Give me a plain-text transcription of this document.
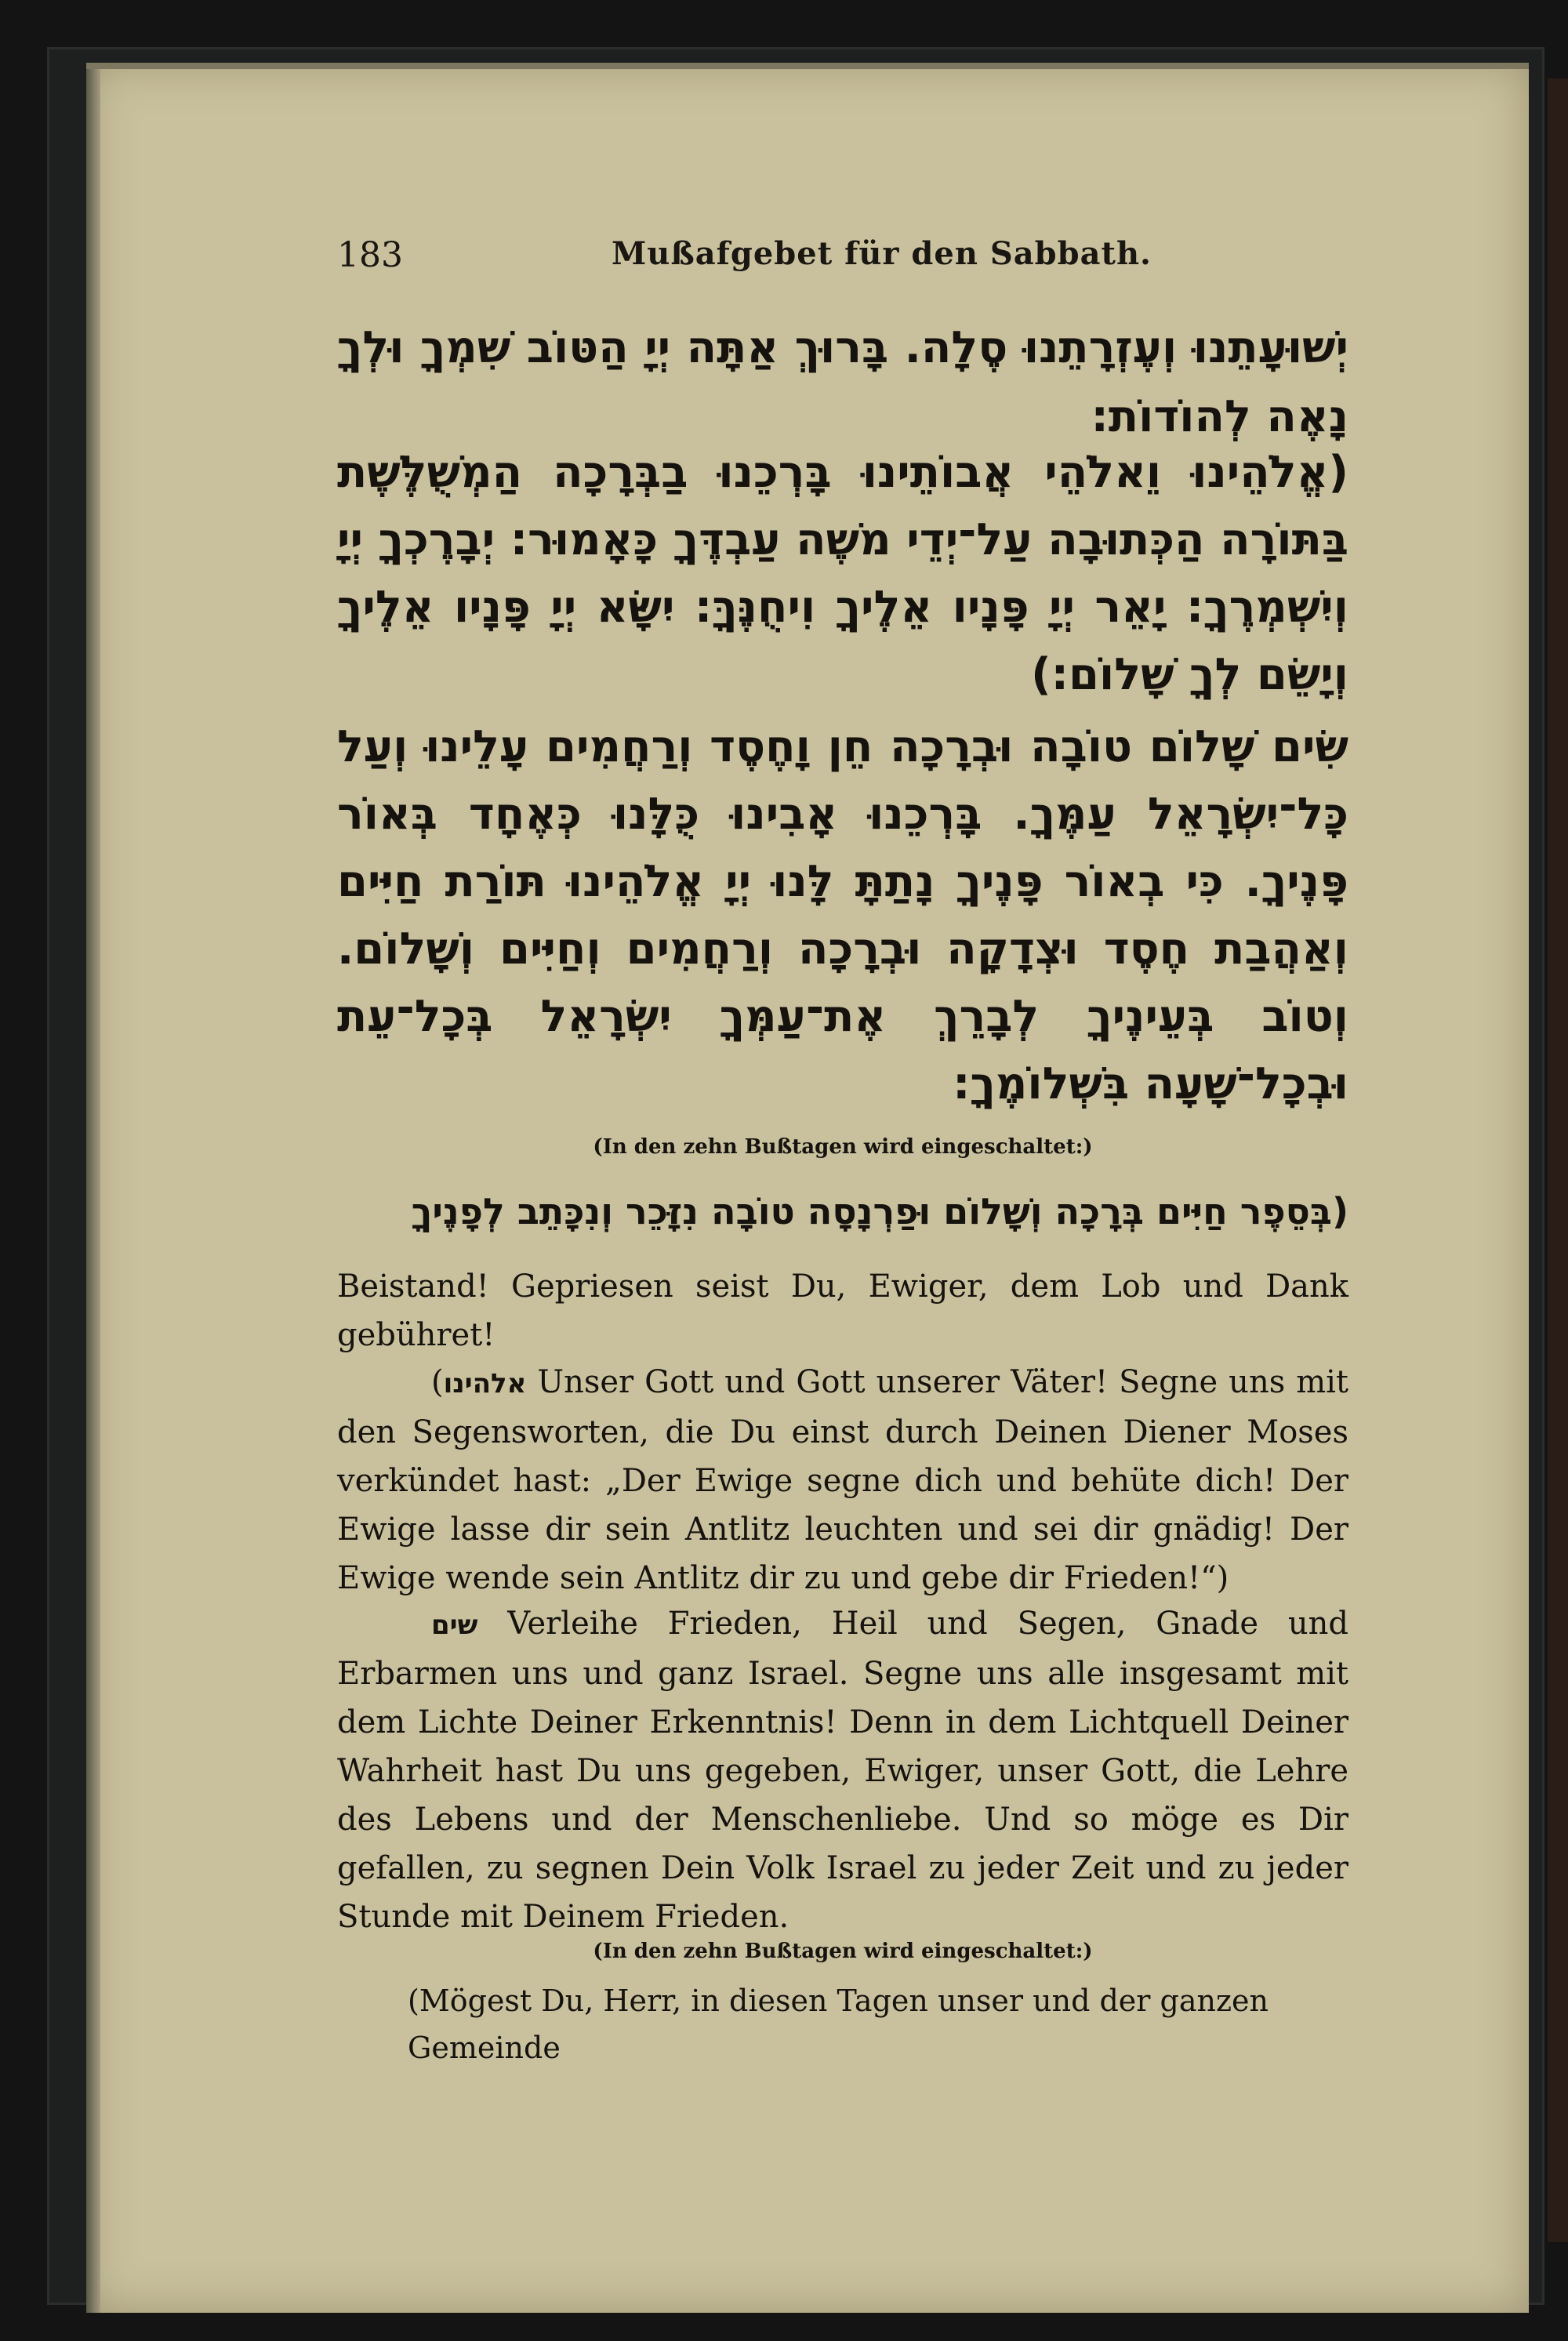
183	Mußafgebet für den Sabbath.

יְשׁוּעָתֵנוּ וְעֶזְרָתֵנוּ סֶלָה. בָּרוּךְ אַתָּה יְיָ הַטּוֹב שִׁמְךָ וּלְךָ נָאֶה לְהוֹדוֹת:

(אֱלֹהֵינוּ וֵאלֹהֵי אֲבוֹתֵינוּ בָּרְכֵנוּ בַבְּרָכָה הַמְשֻׁלֶּשֶׁת בַּתּוֹרָה הַכְּתוּבָה עַל־יְדֵי משֶׁה עַבְדֶּךָ כָּאָמוּר: יְבָרֶכְךָ יְיָ וְיִשְׁמְרֶךָ: יָאֵר יְיָ פָּנָיו אֵלֶיךָ וִיחֻנֶּךָּ: יִשָּׂא יְיָ פָּנָיו אֵלֶיךָ וְיָשֵׂם לְךָ שָׁלוֹם:)

שִׂים שָׁלוֹם טוֹבָה וּבְרָכָה חֵן וָחֶסֶד וְרַחֲמִים עָלֵינוּ וְעַל כָּל־יִשְׂרָאֵל עַמֶּךָ. בָּרְכֵנוּ אָבִינוּ כֻּלָּנוּ כְּאֶחָד בְּאוֹר פָּנֶיךָ. כִּי בְאוֹר פָּנֶיךָ נָתַתָּ לָּנוּ יְיָ אֱלֹהֵינוּ תּוֹרַת חַיִּים וְאַהֲבַת חֶסֶד וּצְדָקָה וּבְרָכָה וְרַחֲמִים וְחַיִּים וְשָׁלוֹם. וְטוֹב בְּעֵינֶיךָ לְבָרֵךְ אֶת־עַמְּךָ יִשְׂרָאֵל בְּכָל־עֵת וּבְכָל־שָׁעָה בִּשְׁלוֹמֶךָ:

(In den zehn Bußtagen wird eingeschaltet:)
(בְּסֵפֶר חַיִּים בְּרָכָה וְשָׁלוֹם וּפַרְנָסָה טוֹבָה נִזָּכֵר וְנִכָּתֵב לְפָנֶיךָ

Beistand! Gepriesen seist Du, Ewiger, dem Lob und Dank gebühret!

(אלהינו Unser Gott und Gott unserer Väter! Segne uns mit den Segensworten, die Du einst durch Deinen Diener Moses verkündet hast: „Der Ewige segne dich und behüte dich! Der Ewige lasse dir sein Antlitz leuchten und sei dir gnädig! Der Ewige wende sein Antlitz dir zu und gebe dir Frieden!“)

שים Verleihe Frieden, Heil und Segen, Gnade und Erbarmen uns und ganz Israel. Segne uns alle insgesamt mit dem Lichte Deiner Erkenntnis! Denn in dem Lichtquell Deiner Wahrheit hast Du uns gegeben, Ewiger, unser Gott, die Lehre des Lebens und der Menschenliebe. Und so möge es Dir gefallen, zu segnen Dein Volk Israel zu jeder Zeit und zu jeder Stunde mit Deinem Frieden.

(In den zehn Bußtagen wird eingeschaltet:)
(Mögest Du, Herr, in diesen Tagen unser und der ganzen Gemeinde
